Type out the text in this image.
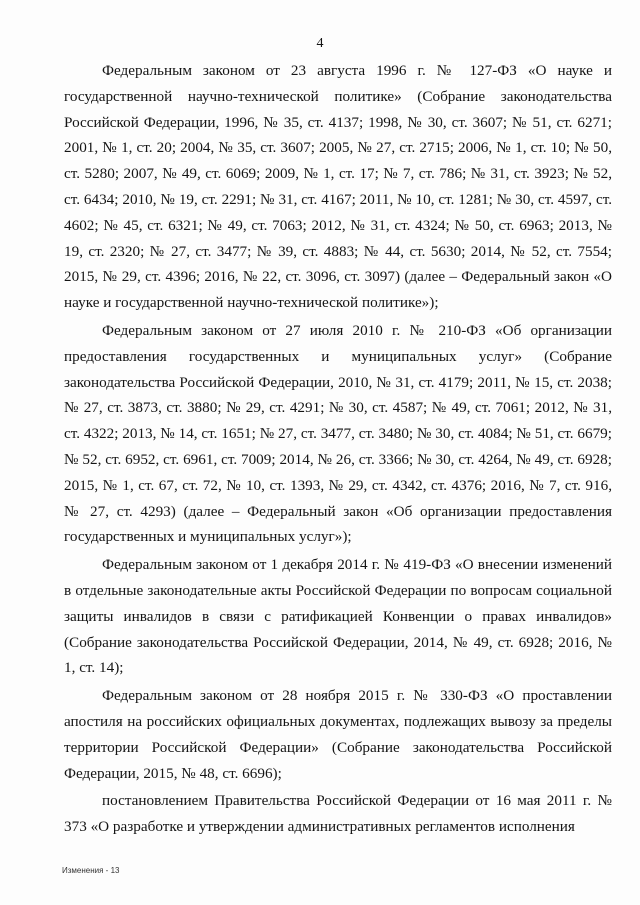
4

Федеральным законом от 23 августа 1996 г. № 127-ФЗ «О науке и государственной научно-технической политике» (Собрание законодательства Российской Федерации, 1996, № 35, ст. 4137; 1998, № 30, ст. 3607; № 51, ст. 6271; 2001, № 1, ст. 20; 2004, № 35, ст. 3607; 2005, № 27, ст. 2715; 2006, № 1, ст. 10; № 50, ст. 5280; 2007, № 49, ст. 6069; 2009, № 1, ст. 17; № 7, ст. 786; № 31, ст. 3923; № 52, ст. 6434; 2010, № 19, ст. 2291; № 31, ст. 4167; 2011, № 10, ст. 1281; № 30, ст. 4597, ст. 4602; № 45, ст. 6321; № 49, ст. 7063; 2012, № 31, ст. 4324; № 50, ст. 6963; 2013, № 19, ст. 2320; № 27, ст. 3477; № 39, ст. 4883; № 44, ст. 5630; 2014, № 52, ст. 7554; 2015, № 29, ст. 4396; 2016, № 22, ст. 3096, ст. 3097) (далее – Федеральный закон «О науке и государственной научно-технической политике»);

Федеральным законом от 27 июля 2010 г. № 210-ФЗ «Об организации предоставления государственных и муниципальных услуг» (Собрание законодательства Российской Федерации, 2010, № 31, ст. 4179; 2011, № 15, ст. 2038; № 27, ст. 3873, ст. 3880; № 29, ст. 4291; № 30, ст. 4587; № 49, ст. 7061; 2012, № 31, ст. 4322; 2013, № 14, ст. 1651; № 27, ст. 3477, ст. 3480; № 30, ст. 4084; № 51, ст. 6679; № 52, ст. 6952, ст. 6961, ст. 7009; 2014, № 26, ст. 3366; № 30, ст. 4264, № 49, ст. 6928; 2015, № 1, ст. 67, ст. 72, № 10, ст. 1393, № 29, ст. 4342, ст. 4376; 2016, № 7, ст. 916, № 27, ст. 4293) (далее – Федеральный закон «Об организации предоставления государственных и муниципальных услуг»);

Федеральным законом от 1 декабря 2014 г. № 419-ФЗ «О внесении изменений в отдельные законодательные акты Российской Федерации по вопросам социальной защиты инвалидов в связи с ратификацией Конвенции о правах инвалидов» (Собрание законодательства Российской Федерации, 2014, № 49, ст. 6928; 2016, № 1, ст. 14);

Федеральным законом от 28 ноября 2015 г. № 330-ФЗ «О проставлении апостиля на российских официальных документах, подлежащих вывозу за пределы территории Российской Федерации» (Собрание законодательства Российской Федерации, 2015, № 48, ст. 6696);

постановлением Правительства Российской Федерации от 16 мая 2011 г. № 373 «О разработке и утверждении административных регламентов исполнения

Изменения - 13
